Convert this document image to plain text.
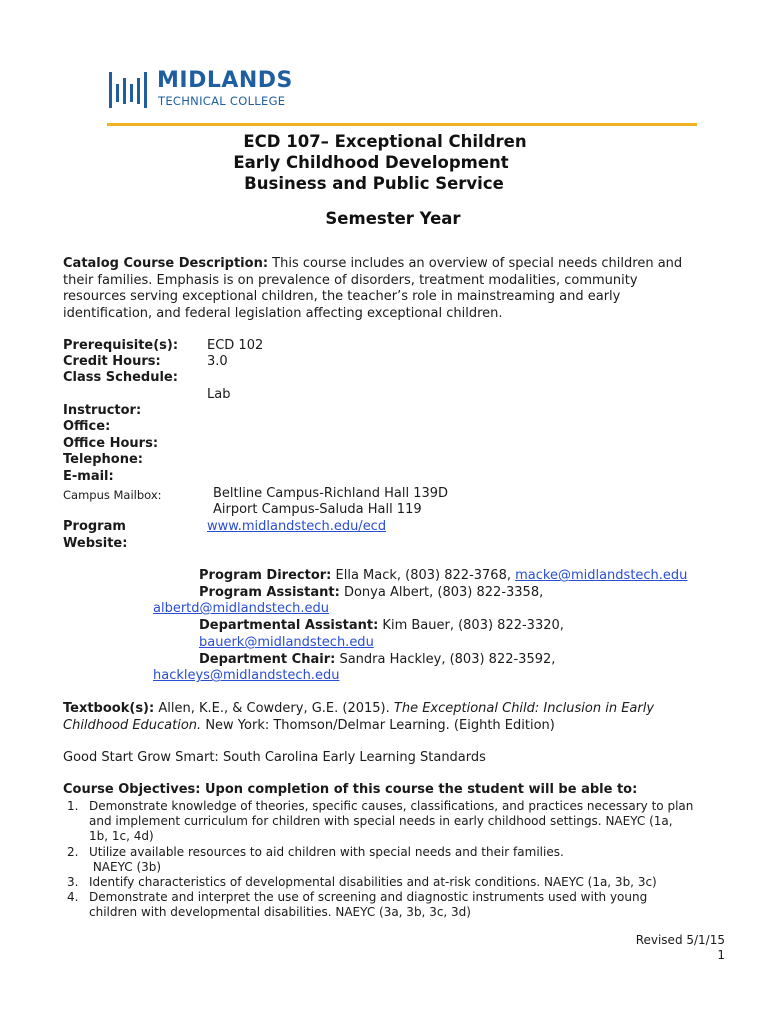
MIDLANDS
TECHNICAL COLLEGE
ECD 107– Exceptional Children
Early Childhood Development
Business and Public Service
Semester Year
Catalog Course Description: This course includes an overview of special needs children and
their families. Emphasis is on prevalence of disorders, treatment modalities, community
resources serving exceptional children, the teacher’s role in mainstreaming and early
identification, and federal legislation affecting exceptional children.
Prerequisite(s): ECD 102
Credit Hours:	3.0
Class Schedule:
Lab
Instructor:
Office:
Office Hours:
Telephone:
E-mail:
Campus Mailbox:	Beltline Campus-Richland Hall 139D
Airport Campus-Saluda Hall 119
Program
Website:
www.midlandstech.edu/ecd
Program Director: Ella Mack, (803) 822-3768, macke@midlandstech.edu
Program Assistant: Donya Albert, (803) 822-3358,
albertd@midlandstech.edu
Departmental Assistant: Kim Bauer, (803) 822-3320,
bauerk@midlandstech.edu
Department Chair: Sandra Hackley, (803) 822-3592,
hackleys@midlandstech.edu
Textbook(s): Allen, K.E., & Cowdery, G.E. (2015). The Exceptional Child: Inclusion in Early
Childhood Education. New York: Thomson/Delmar Learning. (Eighth Edition)
Good Start Grow Smart: South Carolina Early Learning Standards
Course Objectives: Upon completion of this course the student will be able to:
1. Demonstrate knowledge of theories, specific causes, classifications, and practices necessary to plan
and implement curriculum for children with special needs in early childhood settings. NAEYC (1a,
1b, 1c, 4d)
2. Utilize available resources to aid children with special needs and their families.
NAEYC (3b)
3. Identify characteristics of developmental disabilities and at-risk conditions. NAEYC (1a, 3b, 3c)
4. Demonstrate and interpret the use of screening and diagnostic instruments used with young
children with developmental disabilities. NAEYC (3a, 3b, 3c, 3d)
Revised 5/1/15
1
